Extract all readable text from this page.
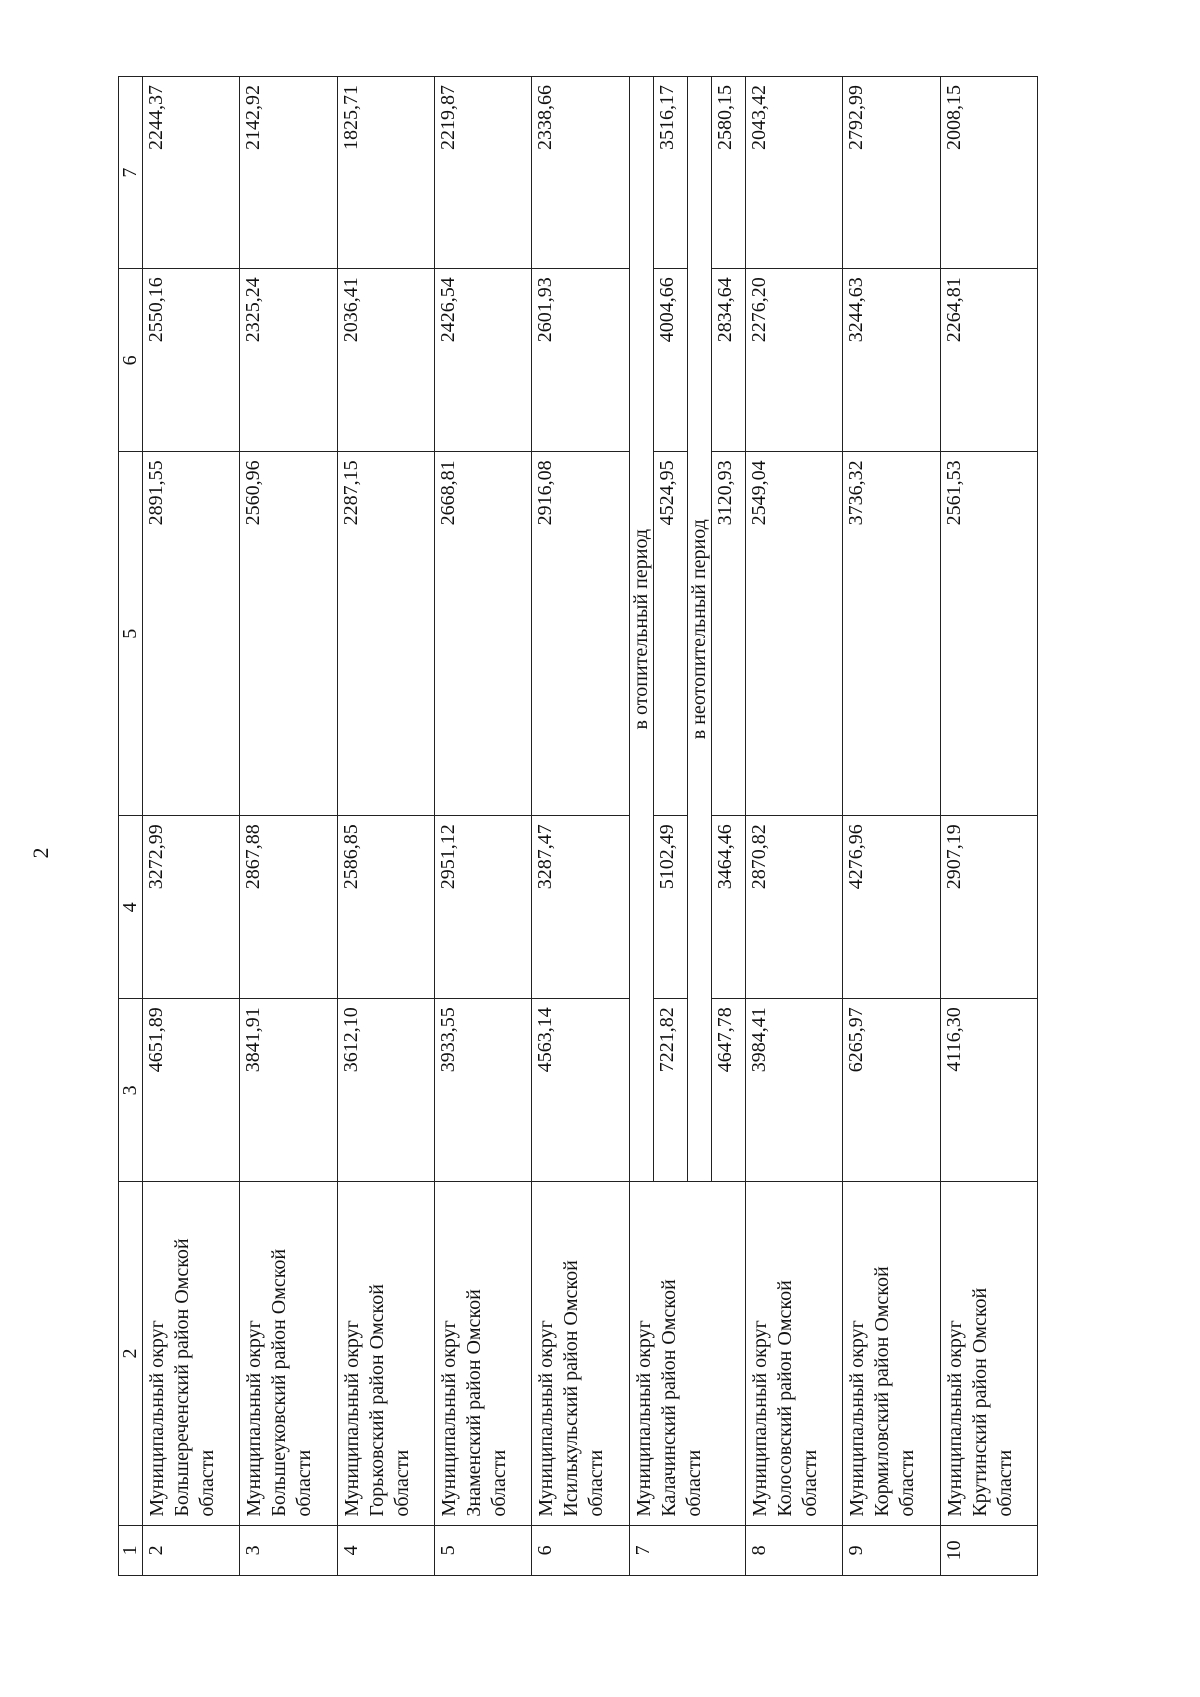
2
1	2	3	4	5	6	7
2	Муниципальный округ Большереченский район Омской области	4651,89	3272,99	2891,55	2550,16	2244,37
3	Муниципальный округ Большеуковский район Омской области	3841,91	2867,88	2560,96	2325,24	2142,92
4	Муниципальный округ Горьковский район Омской области	3612,10	2586,85	2287,15	2036,41	1825,71
5	Муниципальный округ Знаменский район Омской области	3933,55	2951,12	2668,81	2426,54	2219,87
6	Муниципальный округ Исилькульский район Омской области	4563,14	3287,47	2916,08	2601,93	2338,66
7	Муниципальный округ Калачинский район Омской области	в отопительный период				
		7221,82	5102,49	4524,95	4004,66	3516,17
		в неотопительный период				
		4647,78	3464,46	3120,93	2834,64	2580,15
8	Муниципальный округ Колосовский район Омской области	3984,41	2870,82	2549,04	2276,20	2043,42
9	Муниципальный округ Кормиловский район Омской области	6265,97	4276,96	3736,32	3244,63	2792,99
10	Муниципальный округ Крутинский район Омской области	4116,30	2907,19	2561,53	2264,81	2008,15
